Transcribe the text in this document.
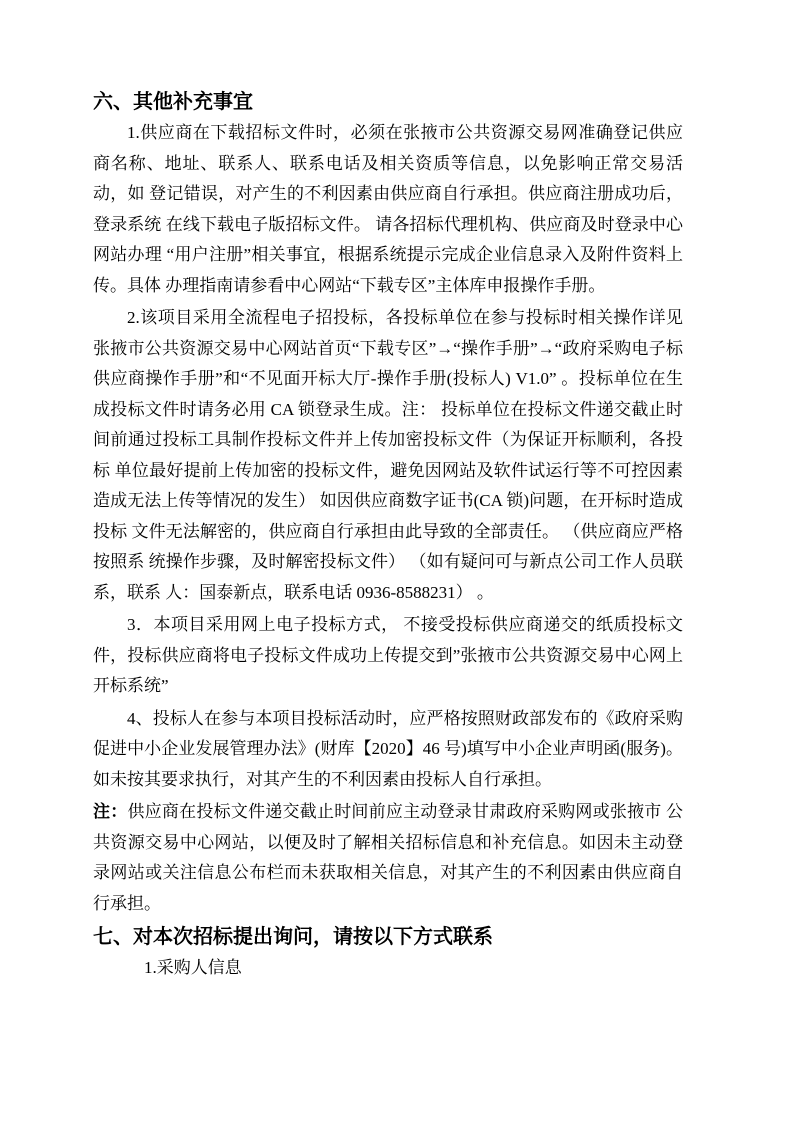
六、其他补充事宜

1.供应商在下载招标文件时，必须在张掖市公共资源交易网准确登记供应商名称、地址、联系人、联系电话及相关资质等信息，以免影响正常交易活动，如 登记错误，对产生的不利因素由供应商自行承担。供应商注册成功后，登录系统 在线下载电子版招标文件。 请各招标代理机构、供应商及时登录中心网站办理 “用户注册”相关事宜，根据系统提示完成企业信息录入及附件资料上传。具体 办理指南请参看中心网站“下载专区”主体库申报操作手册。

2.该项目采用全流程电子招投标，各投标单位在参与投标时相关操作详见张掖市公共资源交易中心网站首页“下载专区”→“操作手册”→“政府采购电子标供应商操作手册”和“不见面开标大厅-操作手册(投标人) V1.0” 。投标单位在生成投标文件时请务必用 CA 锁登录生成。注： 投标单位在投标文件递交截止时 间前通过投标工具制作投标文件并上传加密投标文件（为保证开标顺利，各投标 单位最好提前上传加密的投标文件，避免因网站及软件试运行等不可控因素造成无法上传等情况的发生） 如因供应商数字证书(CA 锁)问题，在开标时造成投标 文件无法解密的，供应商自行承担由此导致的全部责任。 （供应商应严格按照系 统操作步骤，及时解密投标文件） （如有疑问可与新点公司工作人员联系，联系 人：国泰新点，联系电话 0936-8588231） 。

3．本项目采用网上电子投标方式， 不接受投标供应商递交的纸质投标文件，投标供应商将电子投标文件成功上传提交到”张掖市公共资源交易中心网上开标系统”

4、投标人在参与本项目投标活动时，应严格按照财政部发布的《政府采购促进中小企业发展管理办法》(财库【2020】46 号)填写中小企业声明函(服务)。如未按其要求执行，对其产生的不利因素由投标人自行承担。

注：供应商在投标文件递交截止时间前应主动登录甘肃政府采购网或张掖市 公共资源交易中心网站，以便及时了解相关招标信息和补充信息。如因未主动登 录网站或关注信息公布栏而未获取相关信息，对其产生的不利因素由供应商自行承担。

七、对本次招标提出询问，请按以下方式联系

1.采购人信息
